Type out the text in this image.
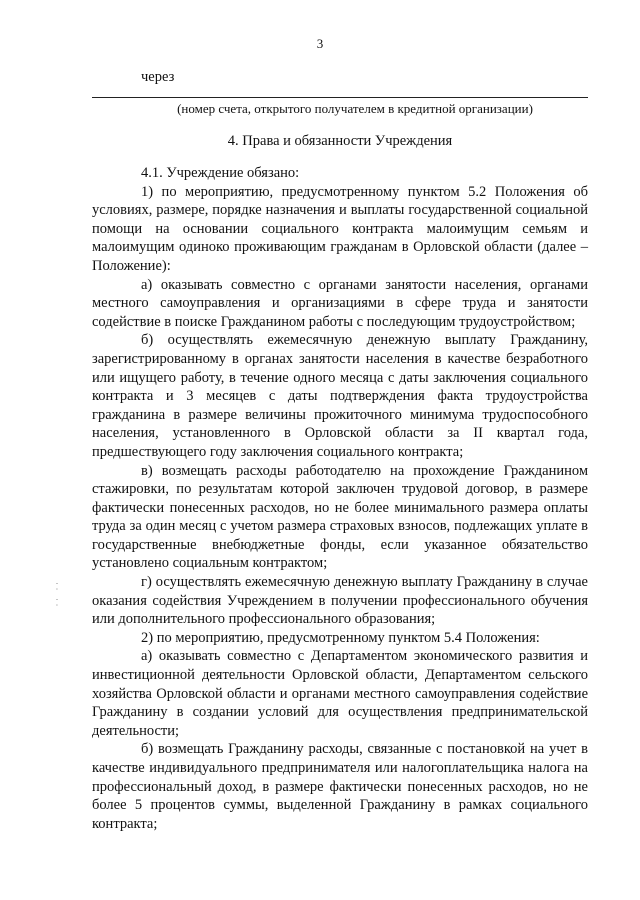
3
через
(номер счета, открытого получателем в кредитной организации)
4. Права и обязанности Учреждения

4.1. Учреждение обязано:

1) по мероприятию, предусмотренному пунктом 5.2 Положения об условиях, размере, порядке назначения и выплаты государственной социальной помощи на основании социального контракта малоимущим семьям и малоимущим одиноко проживающим гражданам в Орловской области (далее – Положение):

а) оказывать совместно с органами занятости населения, органами местного самоуправления и организациями в сфере труда и занятости содействие в поиске Гражданином работы с последующим трудоустройством;

б) осуществлять ежемесячную денежную выплату Гражданину, зарегистрированному в органах занятости населения в качестве безработного или ищущего работу, в течение одного месяца с даты заключения социального контракта и 3 месяцев с даты подтверждения факта трудоустройства гражданина в размере величины прожиточного минимума трудоспособного населения, установленного в Орловской области за II квартал года, предшествующего году заключения социального контракта;

в) возмещать расходы работодателю на прохождение Гражданином стажировки, по результатам которой заключен трудовой договор, в размере фактически понесенных расходов, но не более минимального размера оплаты труда за один месяц с учетом размера страховых взносов, подлежащих уплате в государственные внебюджетные фонды, если указанное обязательство установлено социальным контрактом;

г) осуществлять ежемесячную денежную выплату Гражданину в случае оказания содействия Учреждением в получении профессионального обучения или дополнительного профессионального образования;

2) по мероприятию, предусмотренному пунктом 5.4 Положения:

а) оказывать совместно с Департаментом экономического развития и инвестиционной деятельности Орловской области, Департаментом сельского хозяйства Орловской области и органами местного самоуправления содействие Гражданину в создании условий для осуществления предпринимательской деятельности;

б) возмещать Гражданину расходы, связанные с постановкой на учет в качестве индивидуального предпринимателя или налогоплательщика налога на профессиональный доход, в размере фактически понесенных расходов, но не более 5 процентов суммы, выделенной Гражданину в рамках социального контракта;

.
·
.
·
